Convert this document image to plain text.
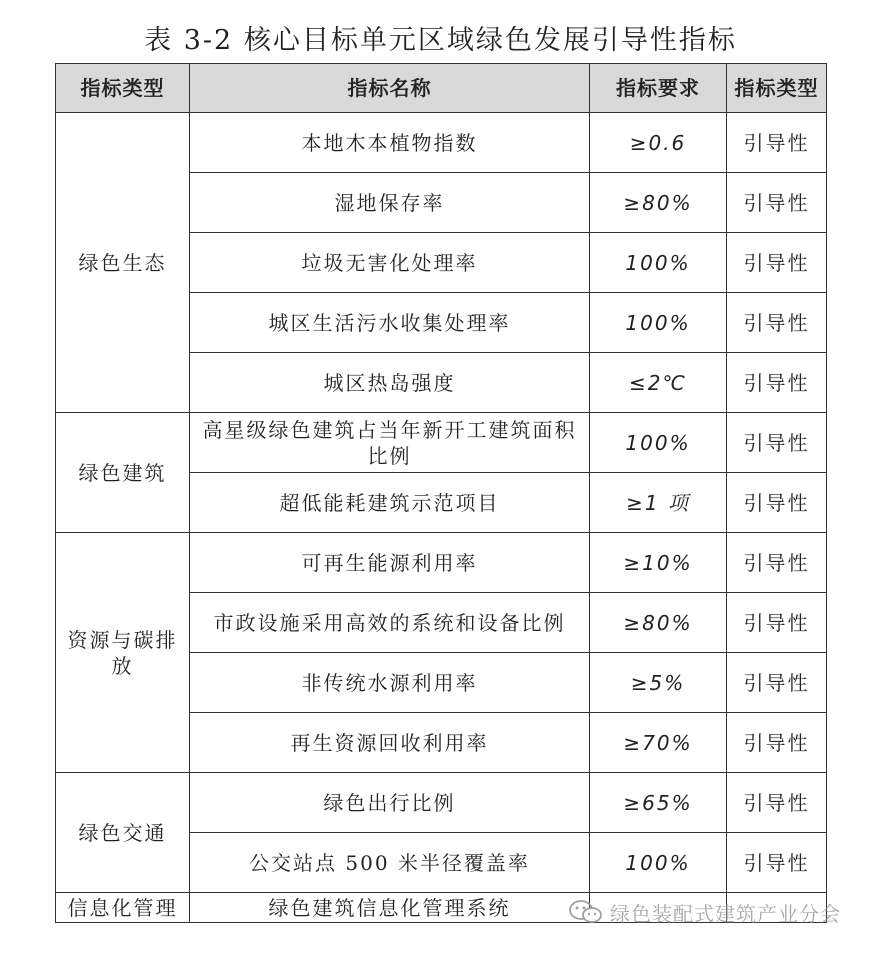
表 3-2 核心目标单元区域绿色发展引导性指标
指标类型	指标名称	指标要求	指标类型
绿色生态	本地木本植物指数	≥0.6	引导性
	湿地保存率	≥80%	引导性
	垃圾无害化处理率	100%	引导性
	城区生活污水收集处理率	100%	引导性
	城区热岛强度	≤2℃	引导性
绿色建筑	高星级绿色建筑占当年新开工建筑面积比例	100%	引导性
	超低能耗建筑示范项目	≥1 项	引导性
资源与碳排放	可再生能源利用率	≥10%	引导性
	市政设施采用高效的系统和设备比例	≥80%	引导性
	非传统水源利用率	≥5%	引导性
	再生资源回收利用率	≥70%	引导性
绿色交通	绿色出行比例	≥65%	引导性
	公交站点 500 米半径覆盖率	100%	引导性
信息化管理	绿色建筑信息化管理系统			绿色装配式建筑产业分会
